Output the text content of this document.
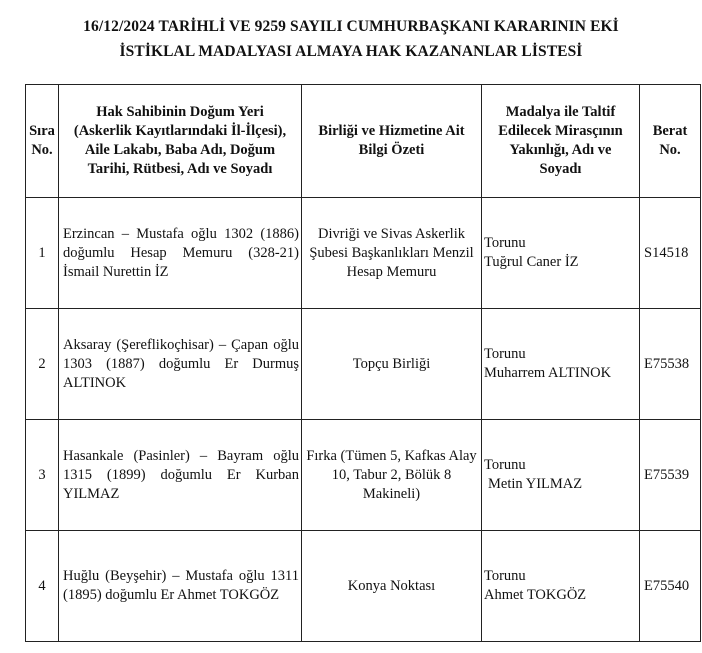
16/12/2024 TARİHLİ VE 9259 SAYILI CUMHURBAŞKANI KARARININ EKİ
İSTİKLAL MADALYASI ALMAYA HAK KAZANANLAR LİSTESİ
Sıra No.	Hak Sahibinin Doğum Yeri (Askerlik Kayıtlarındaki İl-İlçesi), Aile Lakabı, Baba Adı, Doğum Tarihi, Rütbesi, Adı ve Soyadı	Birliği ve Hizmetine Ait Bilgi Özeti	Madalya ile Taltif Edilecek Mirasçının Yakınlığı, Adı ve Soyadı	Berat No.

1	Erzincan – Mustafa oğlu 1302 (1886) doğumlu Hesap Memuru (328-21) İsmail Nurettin İZ	Divriği ve Sivas Askerlik Şubesi Başkanlıkları Menzil Hesap Memuru	Torunu
Tuğrul Caner İZ	S14518

2	Aksaray (Şereflikoçhisar) – Çapan oğlu 1303 (1887) doğumlu Er Durmuş ALTINOK	Topçu Birliği	Torunu
Muharrem ALTINOK	E75538

3	Hasankale (Pasinler) – Bayram oğlu 1315 (1899) doğumlu Er Kurban YILMAZ	Fırka (Tümen 5, Kafkas Alay 10, Tabur 2, Bölük 8 Makineli)	Torunu
Metin YILMAZ	E75539

4	Huğlu (Beyşehir) – Mustafa oğlu 1311 (1895) doğumlu Er Ahmet TOKGÖZ	Konya Noktası	Torunu
Ahmet TOKGÖZ	E75540
